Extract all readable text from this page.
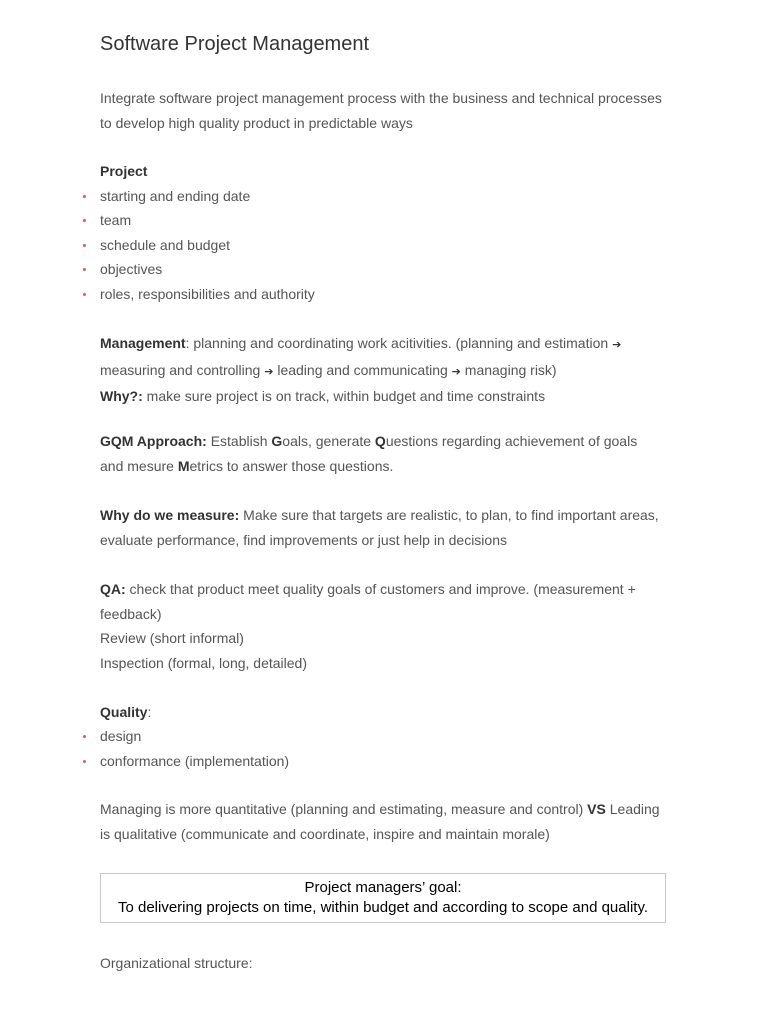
Software Project Management
Integrate software project management process with the business and technical processes
to develop high quality product in predictable ways
Project
starting and ending date
team
schedule and budget
objectives
roles, responsibilities and authority
Management: planning and coordinating work acitivities. (planning and estimation ➔
measuring and controlling ➔ leading and communicating ➔ managing risk)
Why?: make sure project is on track, within budget and time constraints
GQM Approach: Establish Goals, generate Questions regarding achievement of goals
and mesure Metrics to answer those questions.
Why do we measure: Make sure that targets are realistic, to plan, to find important areas,
evaluate performance, find improvements or just help in decisions
QA: check that product meet quality goals of customers and improve. (measurement +
feedback)
Review (short informal)
Inspection (formal, long, detailed)
Quality:
design
conformance (implementation)
Managing is more quantitative (planning and estimating, measure and control) VS Leading
is qualitative (communicate and coordinate, inspire and maintain morale)
Project managers’ goal:
To delivering projects on time, within budget and according to scope and quality.
Organizational structure:
